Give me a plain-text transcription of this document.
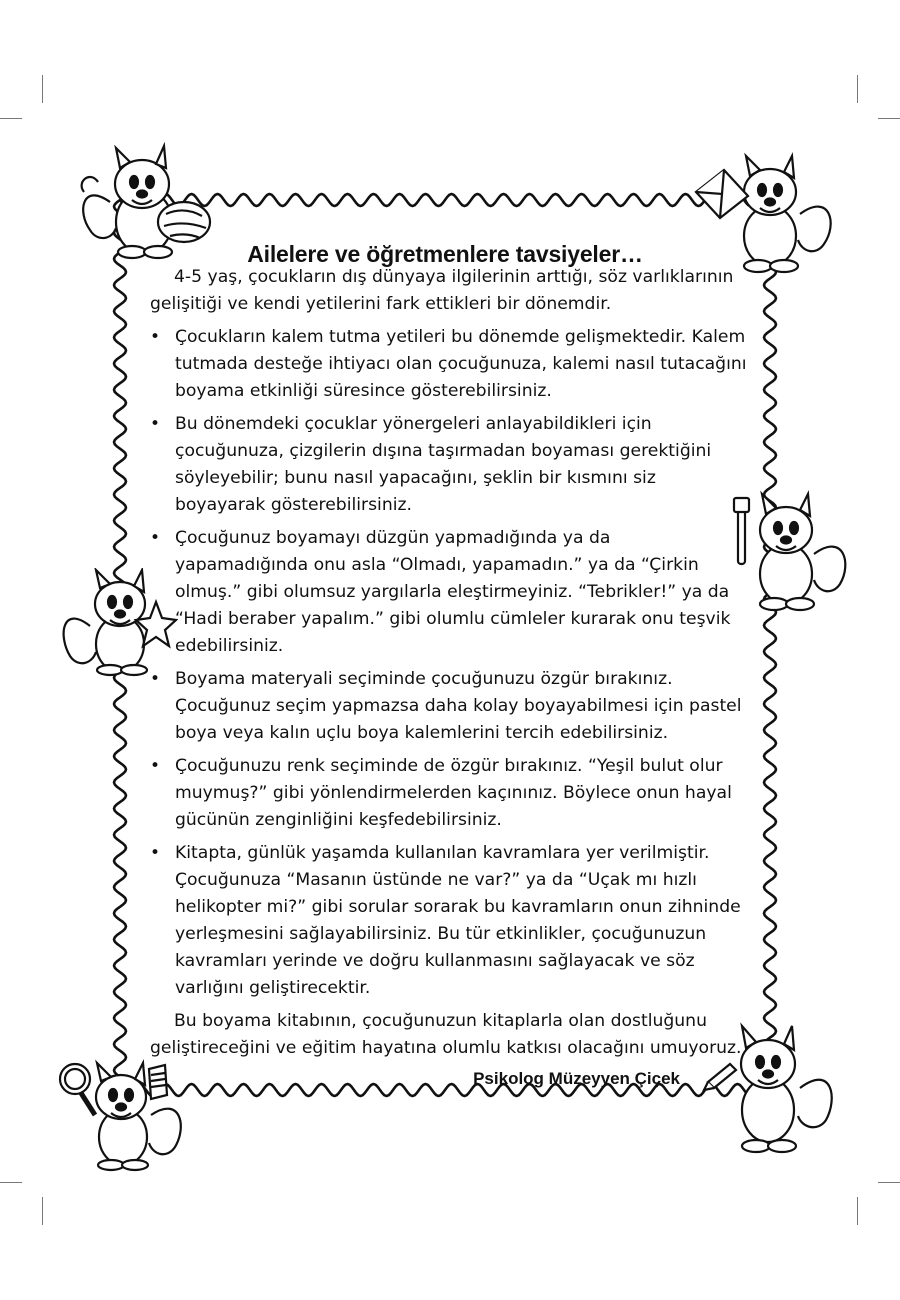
Ailelere ve öğretmenlere tavsiyeler…

4-5 yaş, çocukların dış dünyaya ilgilerinin arttığı, söz varlıklarının gelişitiği ve kendi yetilerini fark ettikleri bir dönemdir.

• Çocukların kalem tutma yetileri bu dönemde gelişmektedir. Kalem tutmada desteğe ihtiyacı olan çocuğunuza, kalemi nasıl tutacağını boyama etkinliği süresince gösterebilirsiniz.
• Bu dönemdeki çocuklar yönergeleri anlayabildikleri için çocuğunuza, çizgilerin dışına taşırmadan boyaması gerektiğini söyleyebilir; bunu nasıl yapacağını, şeklin bir kısmını siz boyayarak gösterebilirsiniz.
• Çocuğunuz boyamayı düzgün yapmadığında ya da yapamadığında onu asla “Olmadı, yapamadın.” ya da “Çirkin olmuş.” gibi olumsuz yargılarla eleştirmeyiniz. “Tebrikler!” ya da “Hadi beraber yapalım.” gibi olumlu cümleler kurarak onu teşvik edebilirsiniz.
• Boyama materyali seçiminde çocuğunuzu özgür bırakınız. Çocuğunuz seçim yapmazsa daha kolay boyayabilmesi için pastel boya veya kalın uçlu boya kalemlerini tercih edebilirsiniz.
• Çocuğunuzu renk seçiminde de özgür bırakınız. “Yeşil bulut olur muymuş?” gibi yönlendirmelerden kaçınınız. Böylece onun hayal gücünün zenginliğini keşfedebilirsiniz.
• Kitapta, günlük yaşamda kullanılan kavramlara yer verilmiştir. Çocuğunuza “Masanın üstünde ne var?” ya da “Uçak mı hızlı helikopter mi?” gibi sorular sorarak bu kavramların onun zihninde yerleşmesini sağlayabilirsiniz. Bu tür etkinlikler, çocuğunuzun kavramları yerinde ve doğru kullanmasını sağlayacak ve söz varlığını geliştirecektir.

Bu boyama kitabının, çocuğunuzun kitaplarla olan dostluğunu geliştireceğini ve eğitim hayatına olumlu katkısı olacağını umuyoruz.

Psikolog Müzeyyen Çiçek
